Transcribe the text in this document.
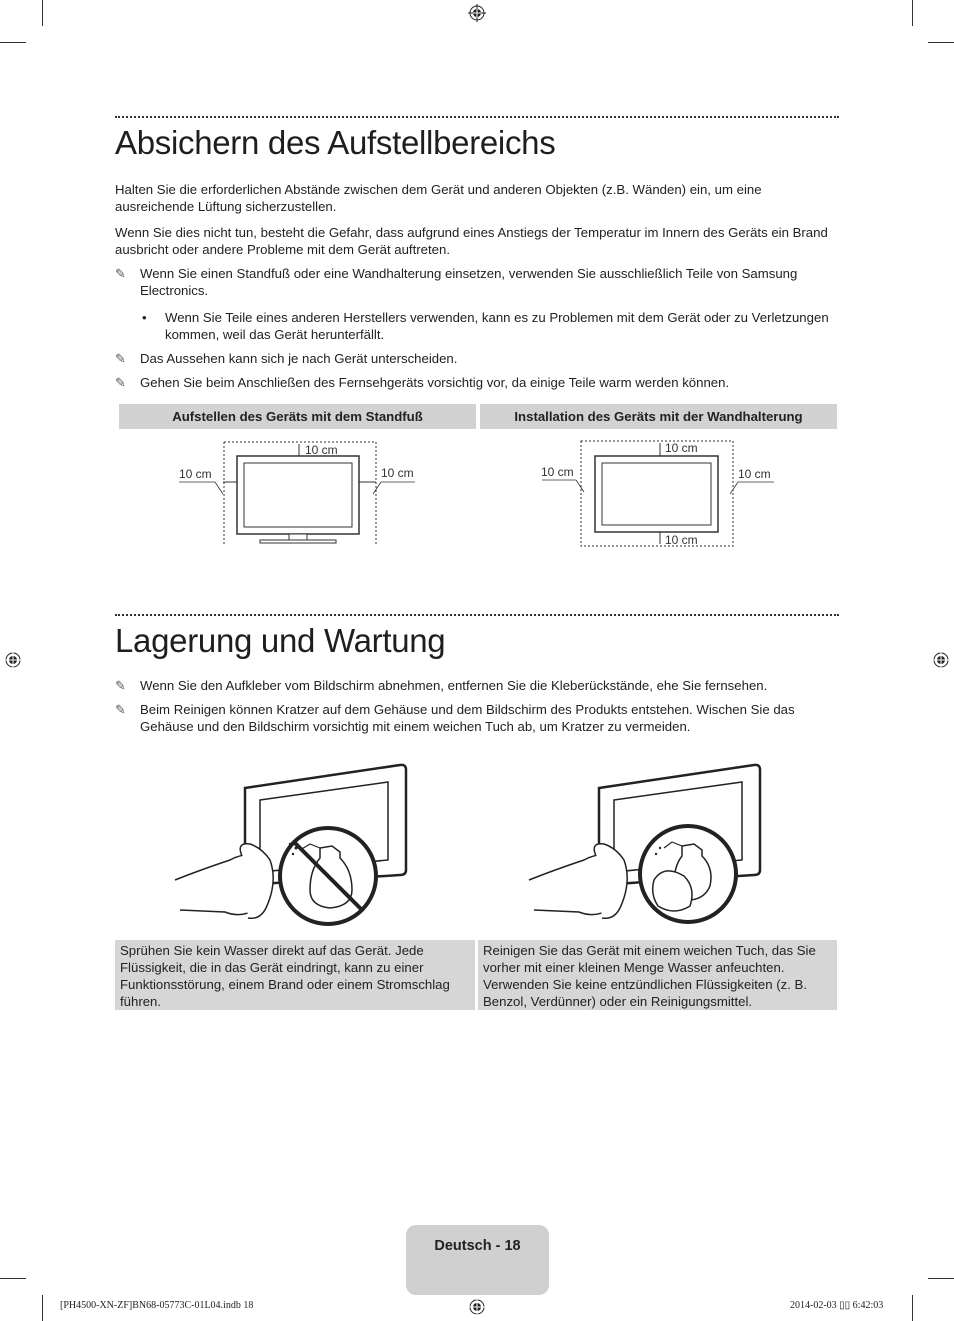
Absichern des Aufstellbereichs
Halten Sie die erforderlichen Abstände zwischen dem Gerät und anderen Objekten (z.B. Wänden) ein, um eine ausreichende Lüftung sicherzustellen.
Wenn Sie dies nicht tun, besteht die Gefahr, dass aufgrund eines Anstiegs der Temperatur im Innern des Geräts ein Brand ausbricht oder andere Probleme mit dem Gerät auftreten.
✎	Wenn Sie einen Standfuß oder eine Wandhalterung einsetzen, verwenden Sie ausschließlich Teile von Samsung Electronics.
• Wenn Sie Teile eines anderen Herstellers verwenden, kann es zu Problemen mit dem Gerät oder zu Verletzungen kommen, weil das Gerät herunterfällt.
✎	Das Aussehen kann sich je nach Gerät unterscheiden.
✎	Gehen Sie beim Anschließen des Fernsehgeräts vorsichtig vor, da einige Teile warm werden können.
Aufstellen des Geräts mit dem Standfuß	Installation des Geräts mit der Wandhalterung
10 cm
10 cm	10 cm
10 cm
10 cm	10 cm
10 cm
Lagerung und Wartung
✎	Wenn Sie den Aufkleber vom Bildschirm abnehmen, entfernen Sie die Kleberückstände, ehe Sie fernsehen.
✎	Beim Reinigen können Kratzer auf dem Gehäuse und dem Bildschirm des Produkts entstehen. Wischen Sie das Gehäuse und den Bildschirm vorsichtig mit einem weichen Tuch ab, um Kratzer zu vermeiden.
Sprühen Sie kein Wasser direkt auf das Gerät. Jede Flüssigkeit, die in das Gerät eindringt, kann zu einer Funktionsstörung, einem Brand oder einem Stromschlag führen.
Reinigen Sie das Gerät mit einem weichen Tuch, das Sie vorher mit einer kleinen Menge Wasser anfeuchten. Verwenden Sie keine entzündlichen Flüssigkeiten (z. B. Benzol, Verdünner) oder ein Reinigungsmittel.
Deutsch - 18
[PH4500-XN-ZF]BN68-05773C-01L04.indb 18	2014-02-03 ▯▯ 6:42:03
